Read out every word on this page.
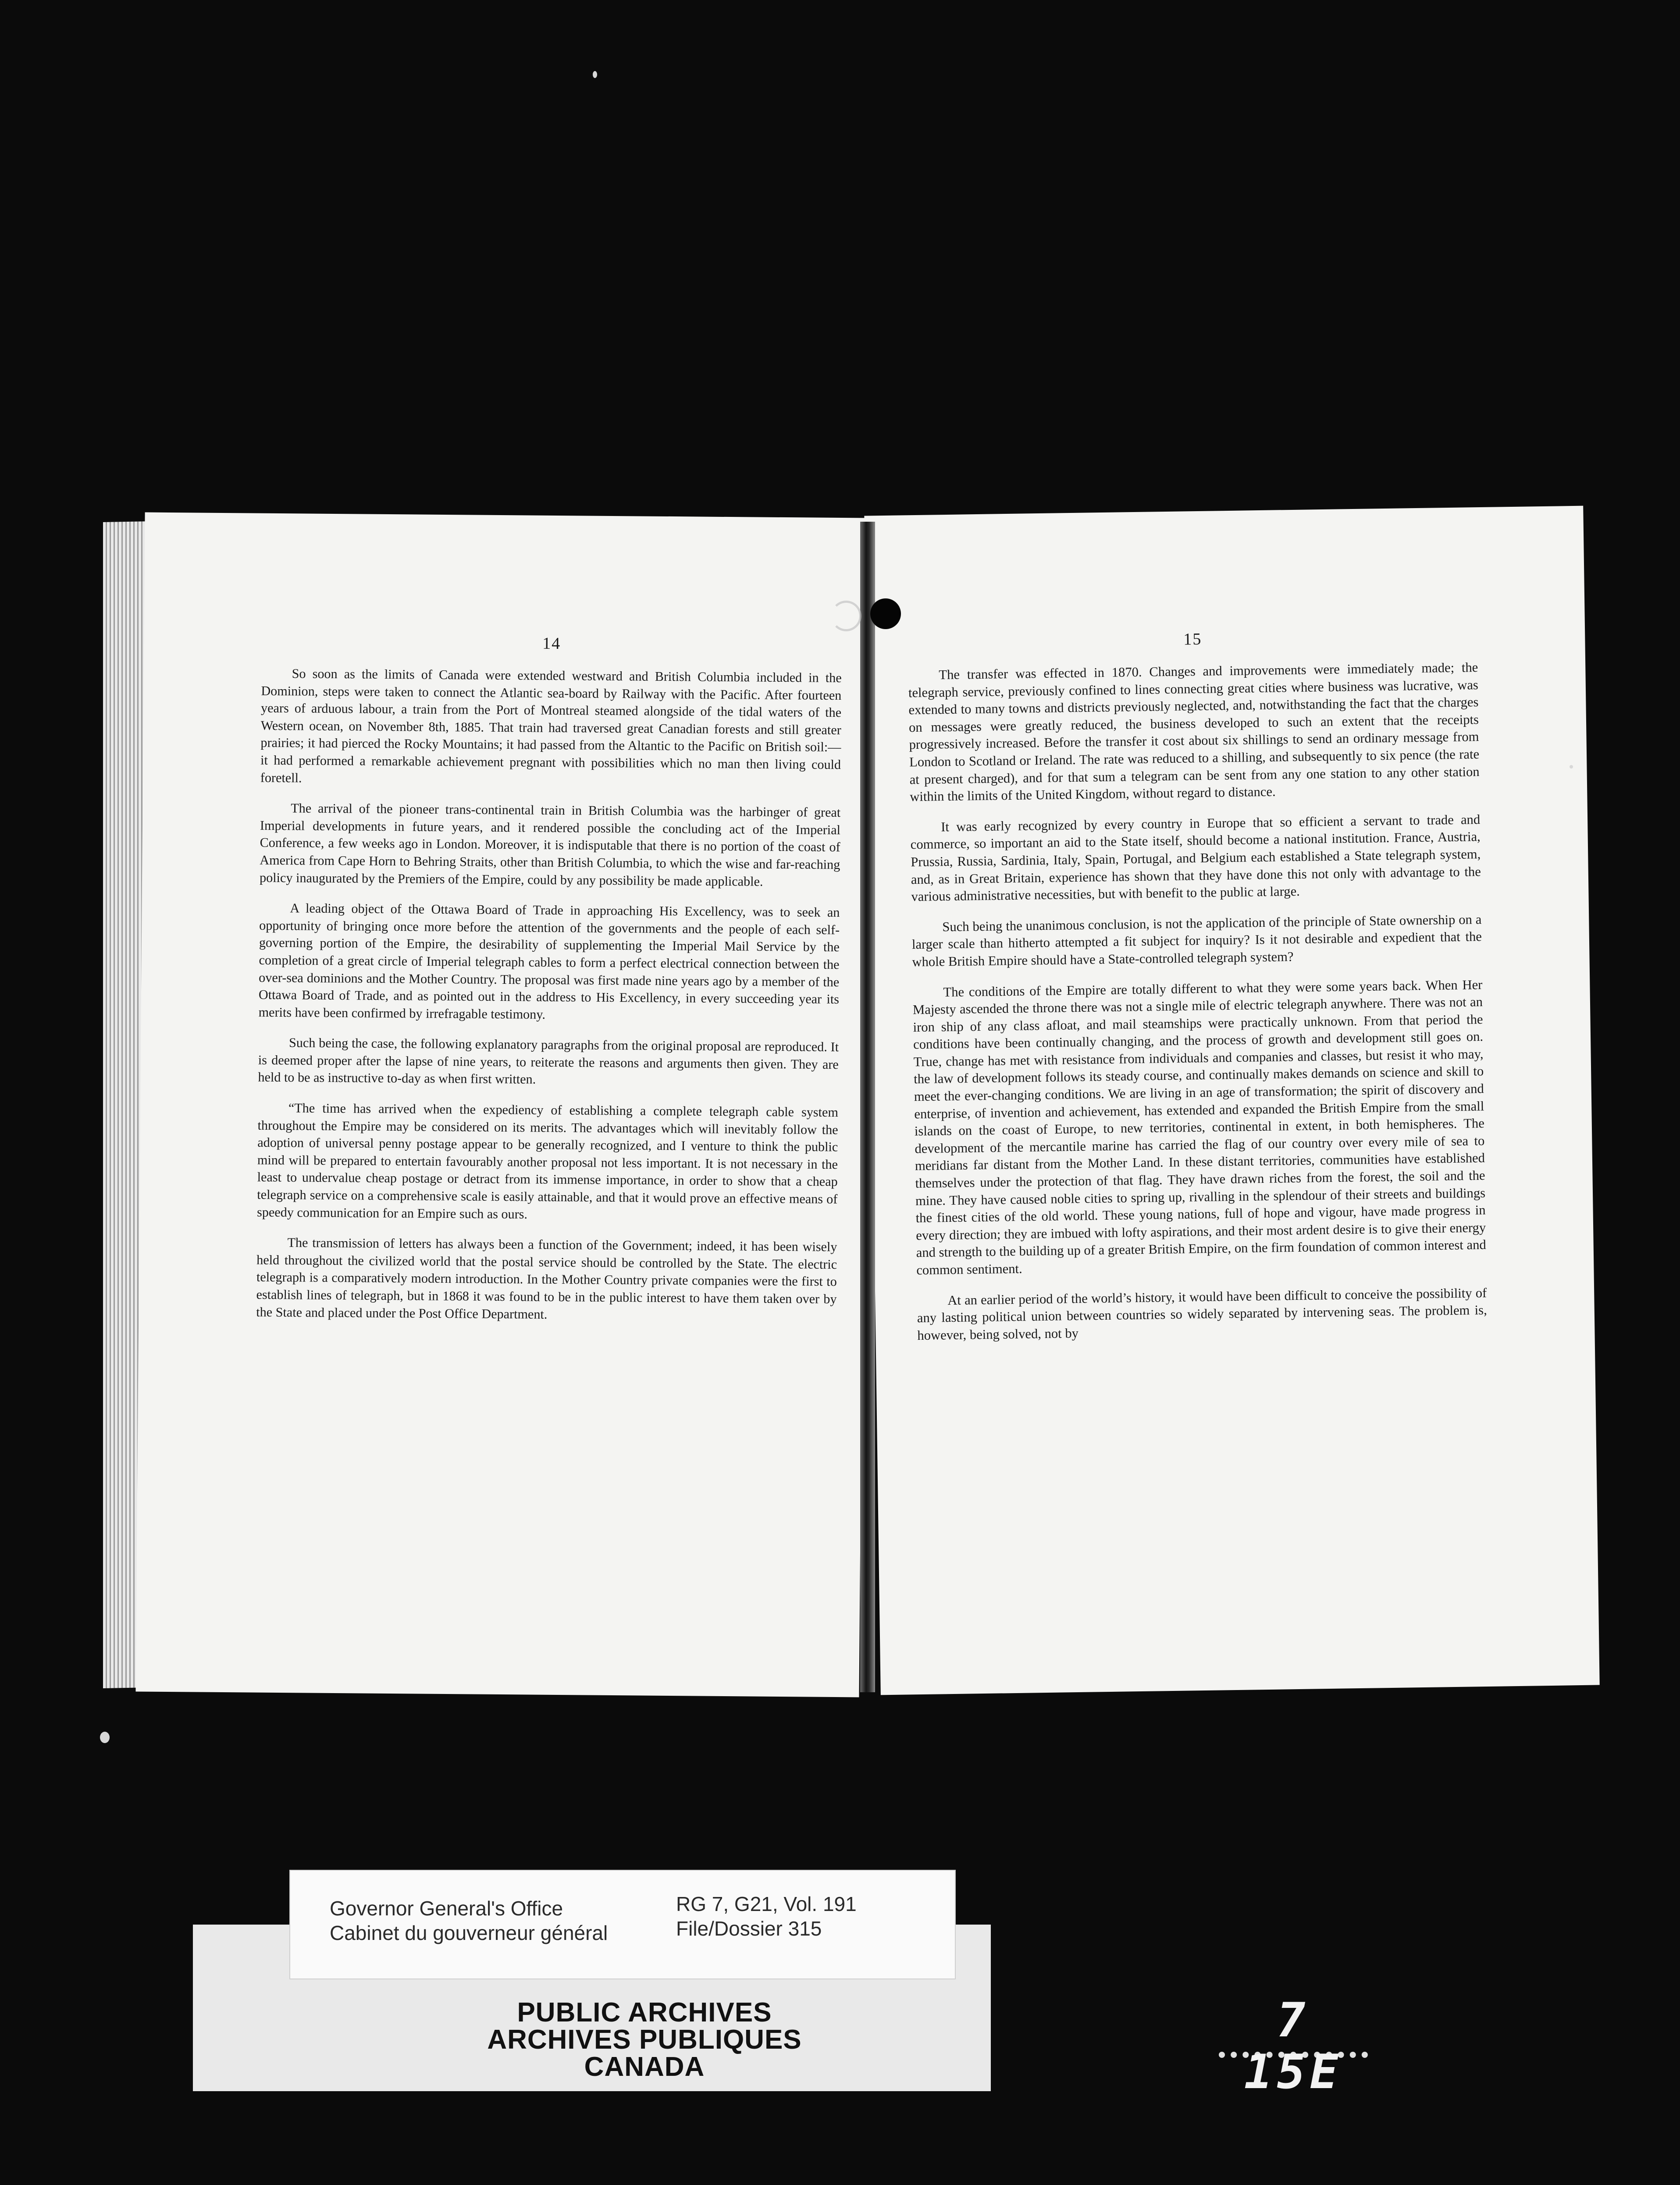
14

So soon as the limits of Canada were extended westward and British Columbia included in the Dominion, steps were taken to connect the Atlantic sea-board by Railway with the Pacific. After fourteen years of arduous labour, a train from the Port of Montreal steamed alongside of the tidal waters of the Western ocean, on November 8th, 1885. That train had traversed great Canadian forests and still greater prairies; it had pierced the Rocky Mountains; it had passed from the Altantic to the Pacific on British soil:—it had performed a remarkable achievement pregnant with possibilities which no man then living could foretell.

The arrival of the pioneer trans-continental train in British Columbia was the harbinger of great Imperial developments in future years, and it rendered possible the concluding act of the Imperial Conference, a few weeks ago in London. Moreover, it is indisputable that there is no portion of the coast of America from Cape Horn to Behring Straits, other than British Columbia, to which the wise and far-reaching policy inaugurated by the Premiers of the Empire, could by any possibility be made applicable.

A leading object of the Ottawa Board of Trade in approaching His Excellency, was to seek an opportunity of bringing once more before the attention of the governments and the people of each self-governing portion of the Empire, the desirability of supplementing the Imperial Mail Service by the completion of a great circle of Imperial telegraph cables to form a perfect electrical connection between the over-sea dominions and the Mother Country. The proposal was first made nine years ago by a member of the Ottawa Board of Trade, and as pointed out in the address to His Excellency, in every succeeding year its merits have been confirmed by irrefragable testimony.

Such being the case, the following explanatory paragraphs from the original proposal are reproduced. It is deemed proper after the lapse of nine years, to reiterate the reasons and arguments then given. They are held to be as instructive to-day as when first written.

“The time has arrived when the expediency of establishing a complete telegraph cable system throughout the Empire may be considered on its merits. The advantages which will inevitably follow the adoption of universal penny postage appear to be generally recognized, and I venture to think the public mind will be prepared to entertain favourably another proposal not less important. It is not necessary in the least to undervalue cheap postage or detract from its immense importance, in order to show that a cheap telegraph service on a comprehensive scale is easily attainable, and that it would prove an effective means of speedy communication for an Empire such as ours.

The transmission of letters has always been a function of the Government; indeed, it has been wisely held throughout the civilized world that the postal service should be controlled by the State. The electric telegraph is a comparatively modern introduction. In the Mother Country private companies were the first to establish lines of telegraph, but in 1868 it was found to be in the public interest to have them taken over by the State and placed under the Post Office Department.

15

The transfer was effected in 1870. Changes and improvements were immediately made; the telegraph service, previously confined to lines connecting great cities where business was lucrative, was extended to many towns and districts previously neglected, and, notwithstanding the fact that the charges on messages were greatly reduced, the business developed to such an extent that the receipts progressively increased. Before the transfer it cost about six shillings to send an ordinary message from London to Scotland or Ireland. The rate was reduced to a shilling, and subsequently to six pence (the rate at present charged), and for that sum a telegram can be sent from any one station to any other station within the limits of the United Kingdom, without regard to distance.

It was early recognized by every country in Europe that so efficient a servant to trade and commerce, so important an aid to the State itself, should become a national institution. France, Austria, Prussia, Russia, Sardinia, Italy, Spain, Portugal, and Belgium each established a State telegraph system, and, as in Great Britain, experience has shown that they have done this not only with advantage to the various administrative necessities, but with benefit to the public at large.

Such being the unanimous conclusion, is not the application of the principle of State ownership on a larger scale than hitherto attempted a fit subject for inquiry? Is it not desirable and expedient that the whole British Empire should have a State-controlled telegraph system?

The conditions of the Empire are totally different to what they were some years back. When Her Majesty ascended the throne there was not a single mile of electric telegraph anywhere. There was not an iron ship of any class afloat, and mail steamships were practically unknown. From that period the conditions have been continually changing, and the process of growth and development still goes on. True, change has met with resistance from individuals and companies and classes, but resist it who may, the law of development follows its steady course, and continually makes demands on science and skill to meet the ever-changing conditions. We are living in an age of transformation; the spirit of discovery and enterprise, of invention and achievement, has extended and expanded the British Empire from the small islands on the coast of Europe, to new territories, continental in extent, in both hemispheres. The development of the mercantile marine has carried the flag of our country over every mile of sea to meridians far distant from the Mother Land. In these distant territories, communities have established themselves under the protection of that flag. They have drawn riches from the forest, the soil and the mine. They have caused noble cities to spring up, rivalling in the splendour of their streets and buildings the finest cities of the old world. These young nations, full of hope and vigour, have made progress in every direction; they are imbued with lofty aspirations, and their most ardent desire is to give their energy and strength to the building up of a greater British Empire, on the firm foundation of common interest and common sentiment.

At an earlier period of the world’s history, it would have been difficult to conceive the possibility of any lasting political union between countries so widely separated by intervening seas. The problem is, however, being solved, not by

Governor General's Office
Cabinet du gouverneur général
RG 7, G21, Vol. 191
File/Dossier 315
PUBLIC ARCHIVES
ARCHIVES PUBLIQUES
CANADA
7 15E
